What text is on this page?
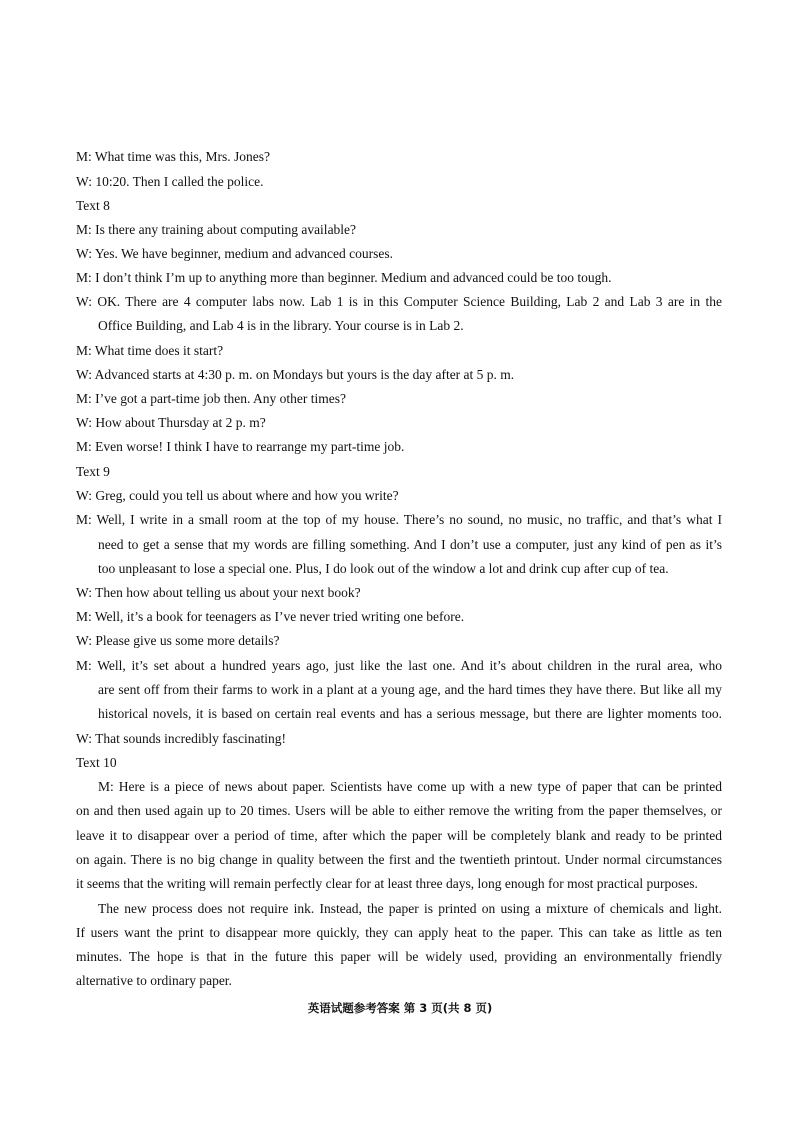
M: What time was this, Mrs. Jones?
W: 10:20. Then I called the police.
Text 8
M: Is there any training about computing available?
W: Yes. We have beginner, medium and advanced courses.
M: I don’t think I’m up to anything more than beginner. Medium and advanced could be too tough.
W: OK. There are 4 computer labs now. Lab 1 is in this Computer Science Building, Lab 2 and Lab 3 are in the
Office Building, and Lab 4 is in the library. Your course is in Lab 2.
M: What time does it start?
W: Advanced starts at 4:30 p. m. on Mondays but yours is the day after at 5 p. m.
M: I’ve got a part-time job then. Any other times?
W: How about Thursday at 2 p. m?
M: Even worse! I think I have to rearrange my part-time job.
Text 9
W: Greg, could you tell us about where and how you write?
M: Well, I write in a small room at the top of my house. There’s no sound, no music, no traffic, and that’s what I
need to get a sense that my words are filling something. And I don’t use a computer, just any kind of pen as it’s
too unpleasant to lose a special one. Plus, I do look out of the window a lot and drink cup after cup of tea.
W: Then how about telling us about your next book?
M: Well, it’s a book for teenagers as I’ve never tried writing one before.
W: Please give us some more details?
M: Well, it’s set about a hundred years ago, just like the last one. And it’s about children in the rural area, who
are sent off from their farms to work in a plant at a young age, and the hard times they have there. But like all my
historical novels, it is based on certain real events and has a serious message, but there are lighter moments too.
W: That sounds incredibly fascinating!
Text 10
M: Here is a piece of news about paper. Scientists have come up with a new type of paper that can be printed
on and then used again up to 20 times. Users will be able to either remove the writing from the paper themselves, or
leave it to disappear over a period of time, after which the paper will be completely blank and ready to be printed
on again. There is no big change in quality between the first and the twentieth printout. Under normal circumstances
it seems that the writing will remain perfectly clear for at least three days, long enough for most practical purposes.
The new process does not require ink. Instead, the paper is printed on using a mixture of chemicals and light.
If users want the print to disappear more quickly, they can apply heat to the paper. This can take as little as ten
minutes. The hope is that in the future this paper will be widely used, providing an environmentally friendly
alternative to ordinary paper.
英语试题参考答案 第 3 页(共 8 页)
